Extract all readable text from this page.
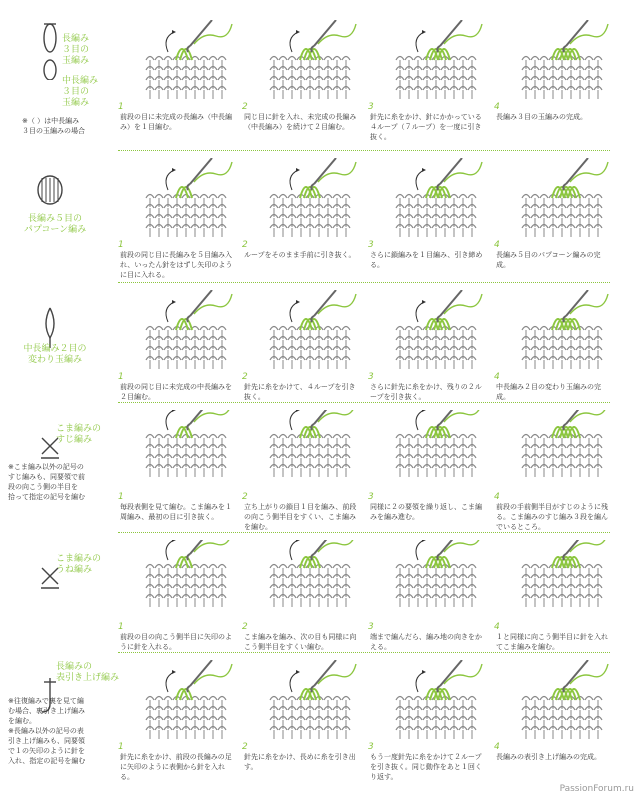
PassionForum.ru
長編み
３目の
玉編み
中長編み
３目の
玉編み
※（ ）は中長編み
３目の玉編みの場合
1
前段の目に未完成の長編み（中長編み）を１目編む。
2
同じ目に針を入れ、未完成の長編み（中長編み）を続けて２目編む。
3
針先に糸をかけ、針にかかっている４ループ（７ループ）を一度に引き抜く。
4
長編み３目の玉編みの完成。
長編み５目の
パプコーン編み
1
前段の同じ目に長編みを５目編み入れ、いったん針をはずし矢印のように目に入れる。
2
ループをそのまま手前に引き抜く。
3
さらに鎖編みを１目編み、引き締める。
4
長編み５目のパプコーン編みの完成。
中長編み２目の
変わり玉編み
1
前段の同じ目に未完成の中長編みを２目編む。
2
針先に糸をかけて、４ループを引き抜く。
3
さらに針先に糸をかけ、残りの２ループを引き抜く。
4
中長編み２目の変わり玉編みの完成。
こま編みの
すじ編み
※こま編み以外の記号の
すじ編みも、同要領で前
段の向こう側の半目を
拾って指定の記号を編む	1
毎段表側を見て編む。こま編みを１周編み、最初の目に引き抜く。
2
立ち上がりの鎖目１目を編み、前段の向こう側半目をすくい、こま編みを編む。
3
同様に２の要領を繰り返し、こま編みを編み進む。
4
前段の手前側半目がすじのように残る。こま編みのすじ編み３段を編んでいるところ。
こま編みの
うね編み
1
前段の目の向こう側半目に矢印のように針を入れる。
2
こま編みを編み、次の目も同様に向こう側半目をすくい編む。
3
端まで編んだら、編み地の向きをかえる。
4
１と同様に向こう側半目に針を入れてこま編みを編む。
長編みの
表引き上げ編み
※往復編みで裏を見て編
む場合、裏引き上げ編み
を編む。
※長編み以外の記号の表
引き上げ編みも、同要領
で１の矢印のように針を
入れ、指定の記号を編む
1
針先に糸をかけ、前段の長編みの足に矢印のように表側から針を入れる。
2
針先に糸をかけ、長めに糸を引き出す。
3
もう一度針先に糸をかけて２ループを引き抜く。同じ動作をあと１回くり返す。
4
長編みの表引き上げ編みの完成。
